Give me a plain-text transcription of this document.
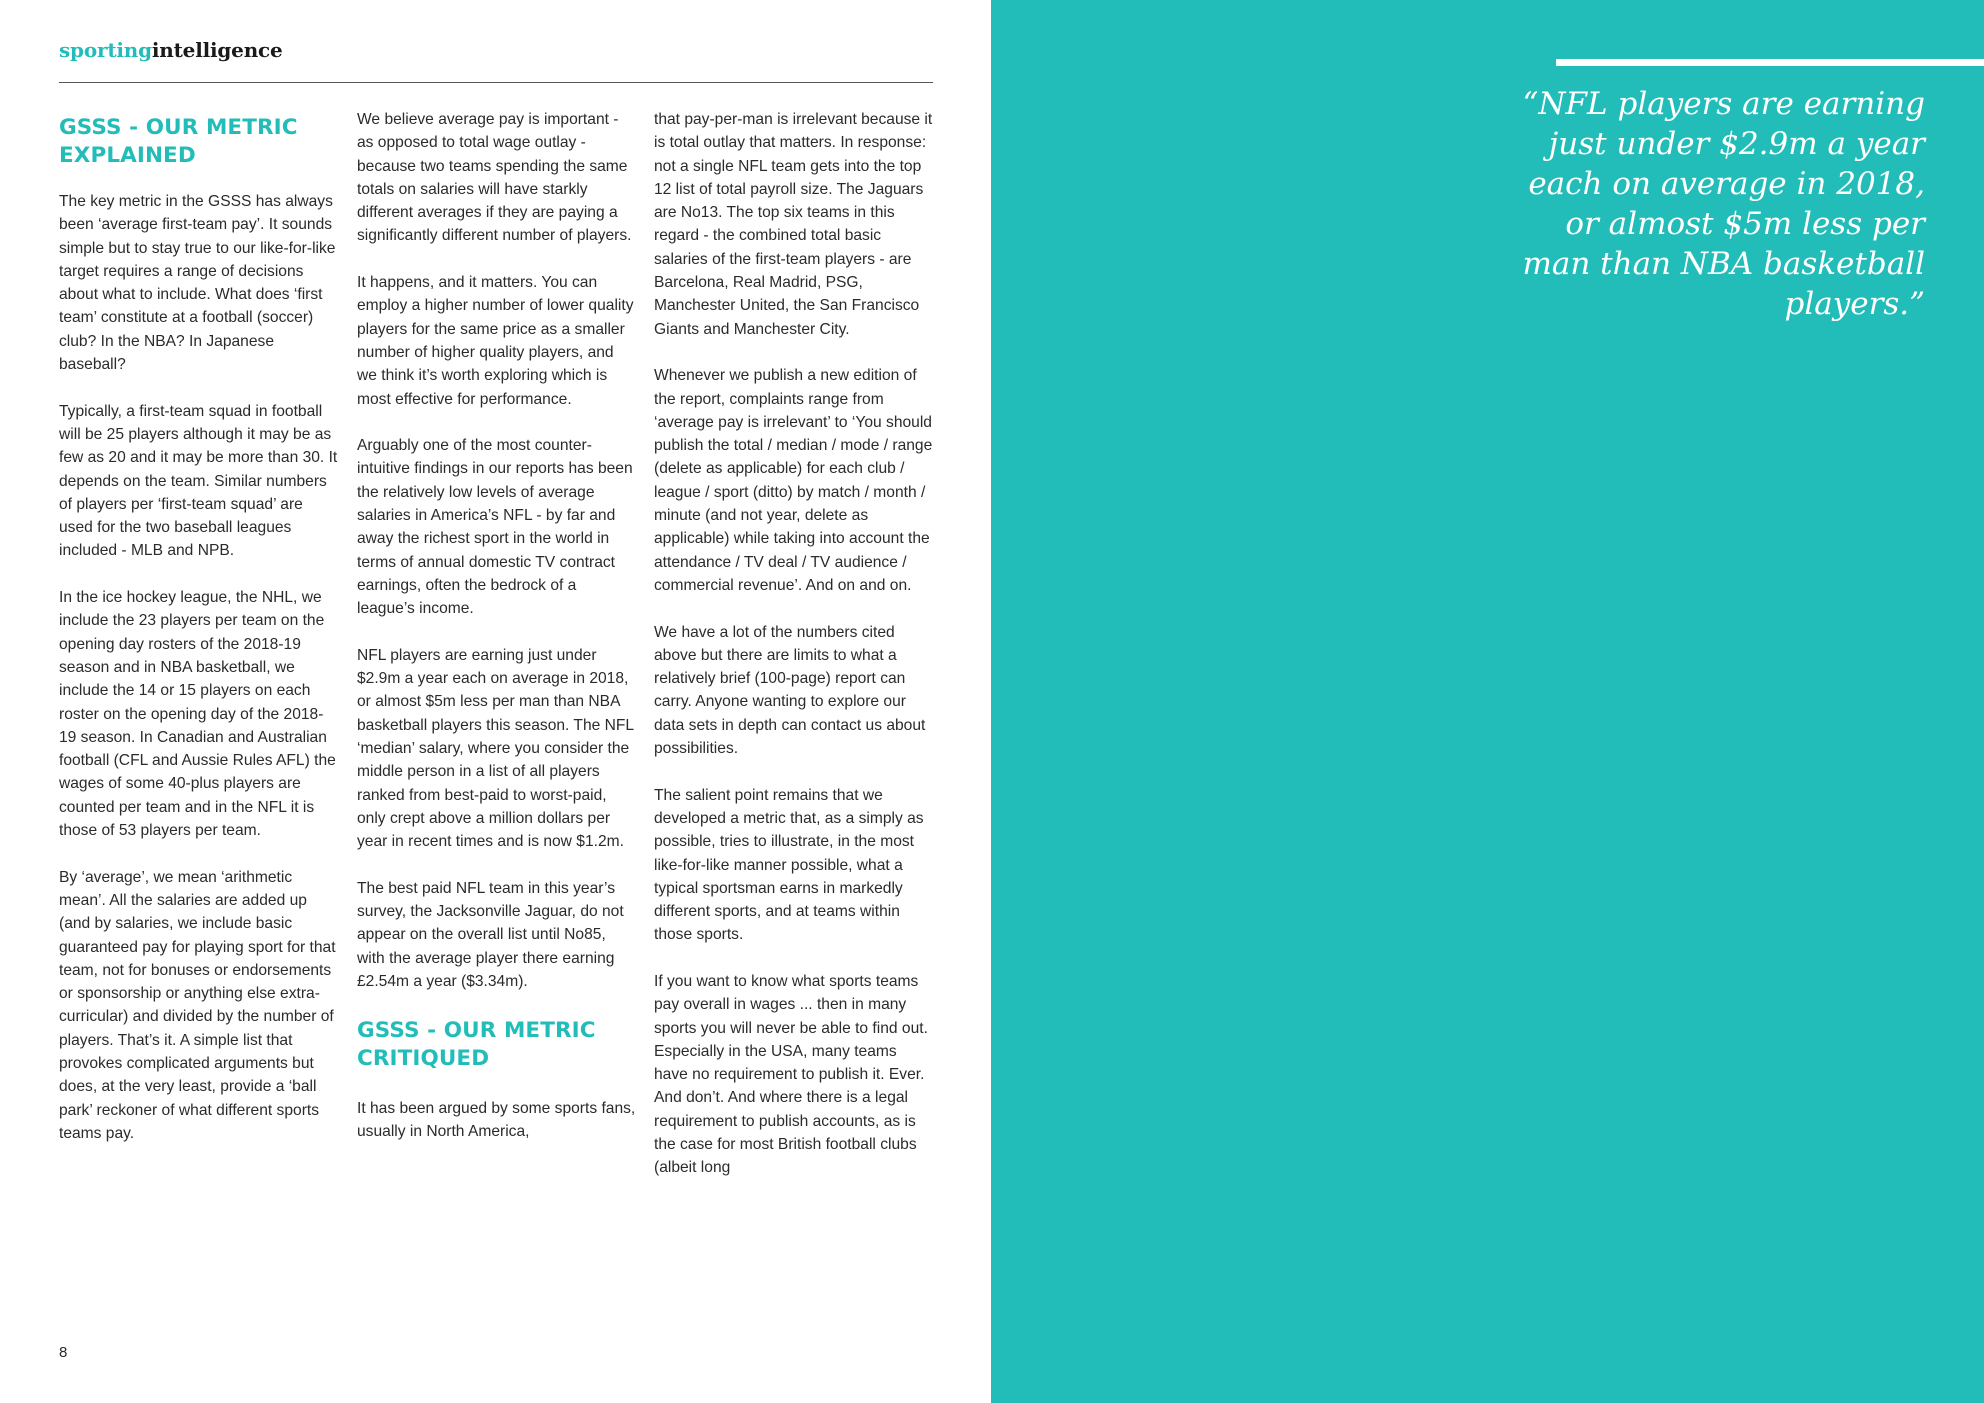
sportingintelligence
GSSS - OUR METRIC EXPLAINED

The key metric in the GSSS has always been ‘average first-team pay’. It sounds simple but to stay true to our like-for-like target requires a range of decisions about what to include. What does ‘first team’ constitute at a football (soccer) club? In the NBA? In Japanese baseball?

Typically, a first-team squad in football will be 25 players although it may be as few as 20 and it may be more than 30. It depends on the team. Similar numbers of players per ‘first-team squad’ are used for the two baseball leagues included - MLB and NPB.

In the ice hockey league, the NHL, we include the 23 players per team on the opening day rosters of the 2018-19 season and in NBA basketball, we include the 14 or 15 players on each roster on the opening day of the 2018-19 season. In Canadian and Australian football (CFL and Aussie Rules AFL) the wages of some 40-plus players are counted per team and in the NFL it is those of 53 players per team.

By ‘average’, we mean ‘arithmetic mean’. All the salaries are added up (and by salaries, we include basic guaranteed pay for playing sport for that team, not for bonuses or endorsements or sponsorship or anything else extra-curricular) and divided by the number of players. That’s it. A simple list that provokes complicated arguments but does, at the very least, provide a ‘ball park’ reckoner of what different sports teams pay.

We believe average pay is important - as opposed to total wage outlay - because two teams spending the same totals on salaries will have starkly different averages if they are paying a significantly different number of players.

It happens, and it matters. You can employ a higher number of lower quality players for the same price as a smaller number of higher quality players, and we think it’s worth exploring which is most effective for performance.

Arguably one of the most counter-intuitive findings in our reports has been the relatively low levels of average salaries in America’s NFL - by far and away the richest sport in the world in terms of annual domestic TV contract earnings, often the bedrock of a league’s income.

NFL players are earning just under $2.9m a year each on average in 2018, or almost $5m less per man than NBA basketball players this season. The NFL ‘median’ salary, where you consider the middle person in a list of all players ranked from best-paid to worst-paid, only crept above a million dollars per year in recent times and is now $1.2m.

The best paid NFL team in this year’s survey, the Jacksonville Jaguar, do not appear on the overall list until No85, with the average player there earning £2.54m a year ($3.34m).

GSSS - OUR METRIC CRITIQUED

It has been argued by some sports fans, usually in North America,

that pay-per-man is irrelevant because it is total outlay that matters. In response: not a single NFL team gets into the top 12 list of total payroll size. The Jaguars are No13. The top six teams in this regard - the combined total basic salaries of the first-team players - are Barcelona, Real Madrid, PSG, Manchester United, the San Francisco Giants and Manchester City.

Whenever we publish a new edition of the report, complaints range from ‘average pay is irrelevant’ to ‘You should publish the total / median / mode / range (delete as applicable) for each club / league / sport (ditto) by match / month / minute (and not year, delete as applicable) while taking into account the attendance / TV deal / TV audience / commercial revenue’. And on and on.

We have a lot of the numbers cited above but there are limits to what a relatively brief (100-page) report can carry. Anyone wanting to explore our data sets in depth can contact us about possibilities.

The salient point remains that we developed a metric that, as a simply as possible, tries to illustrate, in the most like-for-like manner possible, what a typical sportsman earns in markedly different sports, and at teams within those sports.

If you want to know what sports teams pay overall in wages ... then in many sports you will never be able to find out. Especially in the USA, many teams have no requirement to publish it. Ever. And don’t. And where there is a legal requirement to publish accounts, as is the case for most British football clubs (albeit long

8
“NFL players are earning just under $2.9m a year each on average in 2018, or almost $5m less per man than NBA basketball players.”
